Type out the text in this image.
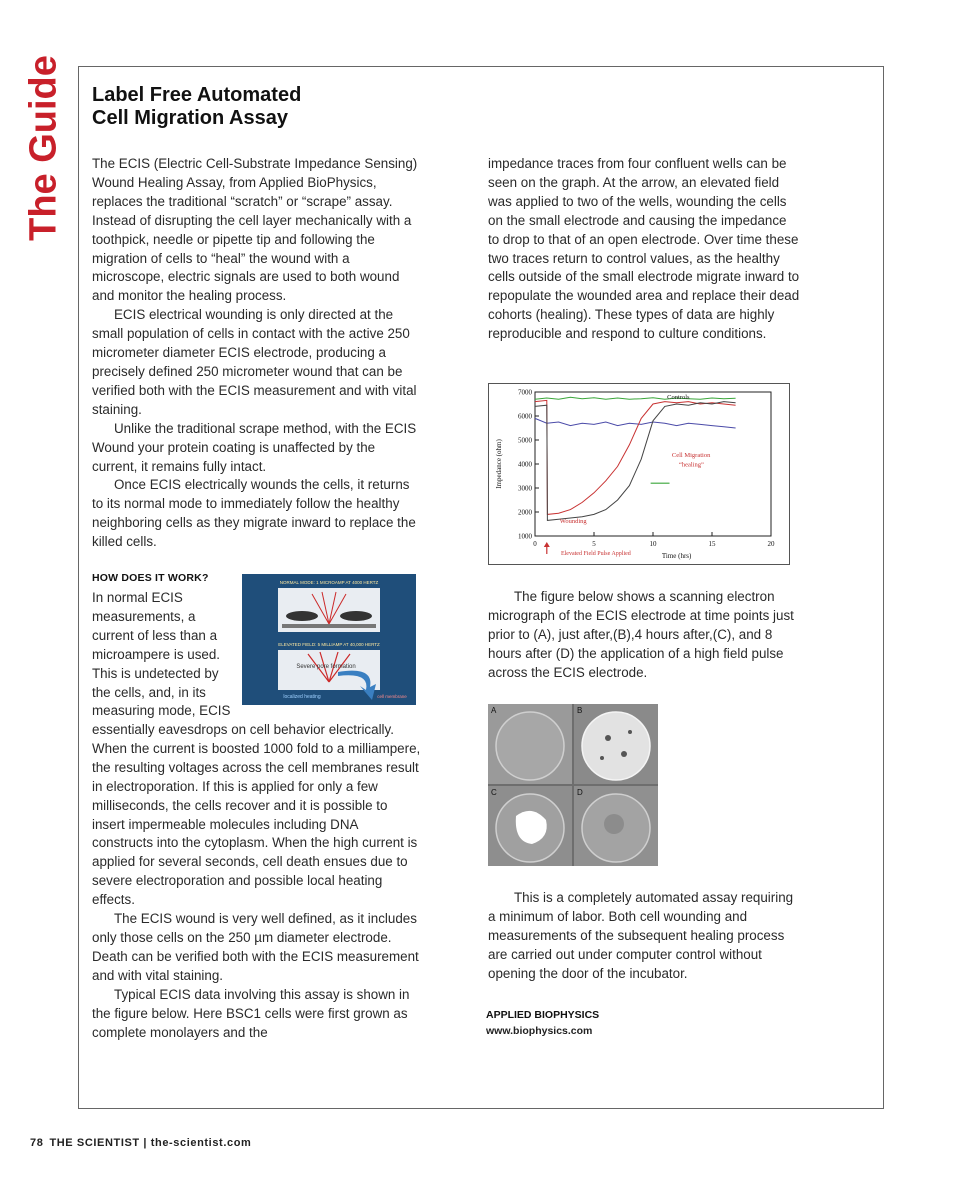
The Guide Label Free Automated
Cell Migration Assay

The ECIS (Electric Cell-Substrate Impedance Sensing) Wound Healing Assay, from Applied BioPhysics, replaces the traditional “scratch” or “scrape” assay. Instead of disrupting the cell layer mechanically with a toothpick, needle or pipette tip and following the migration of cells to “heal” the wound with a microscope, electric signals are used to both wound and monitor the healing process.

ECIS electrical wounding is only directed at the small population of cells in contact with the active 250 micrometer diameter ECIS electrode, producing a precisely defined 250 micrometer wound that can be verified both with the ECIS measurement and with vital staining.

Unlike the traditional scrape method, with the ECIS Wound your protein coating is unaffected by the current, it remains fully intact.

Once ECIS electrically wounds the cells, it returns to its normal mode to immediately follow the healthy neighboring cells as they migrate inward to replace the killed cells.

HOW DOES IT WORK?
In normal ECIS measurements, a current of less than a microampere is used. This is undetected by the cells, and, in its measuring mode, ECIS
NORMAL MODE: 1 MICROAMP AT 4000 HERTZ
ELEVATED FIELD: 5 MILLIAMP AT 40,000 HERTZ
Severe pore formation
localized heating	cell membrane

essentially eavesdrops on cell behavior electrically. When the current is boosted 1000 fold to a milliampere, the resulting voltages across the cell membranes result in electroporation. If this is applied for only a few milliseconds, the cells recover and it is possible to insert impermeable molecules including DNA constructs into the cytoplasm. When the high current is applied for several seconds, cell death ensues due to severe electroporation and possible local heating effects.

The ECIS wound is very well defined, as it includes only those cells on the 250 µm diameter electrode. Death can be verified both with the ECIS measurement and with vital staining.

Typical ECIS data involving this assay is shown in the figure below. Here BSC1 cells were first grown as complete monolayers and the

impedance traces from four confluent wells can be seen on the graph. At the arrow, an elevated field was applied to two of the wells, wounding the cells on the small electrode and causing the impedance to drop to that of an open electrode. Over time these two traces return to control values, as the healthy cells outside of the small electrode migrate inward to repopulate the wounded area and replace their dead cohorts (healing). These types of data are highly reproducible and respond to culture conditions.

0	5	10	15	20
1000
2000
3000
4000
5000
6000
7000
Time (hrs)
Impedance (ohm)
Controls
Wounding
Cell Migration
“healing”
Elevated Field Pulse Applied

The figure below shows a scanning electron micrograph of the ECIS electrode at time points just prior to (A), just after,(B),4 hours after,(C), and 8 hours after (D) the application of a high field pulse across the ECIS electrode.

A	B
C	D

This is a completely automated assay requiring a minimum of labor. Both cell wounding and measurements of the subsequent healing process are carried out under computer control without opening the door of the incubator.

APPLIED BIOPHYSICS
www.biophysics.com
78 THE SCIENTIST | the-scientist.com
